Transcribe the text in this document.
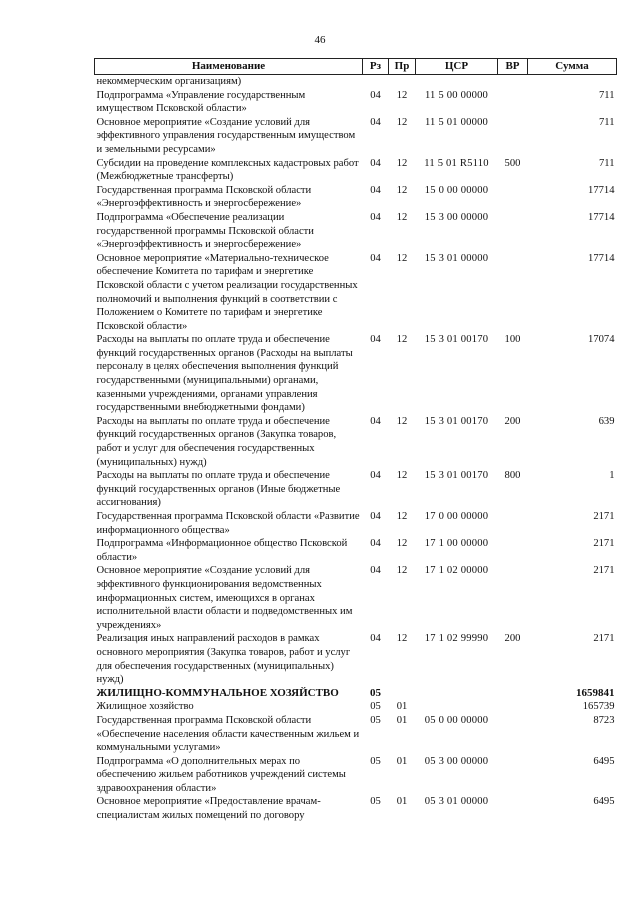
46
Наименование	Рз	Пр	ЦСР	ВР	Сумма
некоммерческим организациям)					
Подпрограмма «Управление государственным имуществом Псковской области»	04	12	11 5 00 00000		711
Основное мероприятие «Создание условий для эффективного управления государственным имуществом и земельными ресурсами»	04	12	11 5 01 00000		711
Субсидии на проведение комплексных кадастровых работ (Межбюджетные трансферты)	04	12	11 5 01 R5110	500	711
Государственная программа Псковской области «Энергоэффективность и энергосбережение»	04	12	15 0 00 00000		17714
Подпрограмма «Обеспечение реализации государственной программы Псковской области «Энергоэффективность и энергосбережение»	04	12	15 3 00 00000		17714
Основное мероприятие «Материально-техническое обеспечение Комитета по тарифам и энергетике Псковской области с учетом реализации государственных полномочий и выполнения функций в соответствии с Положением о Комитете по тарифам и энергетике Псковской области»	04	12	15 3 01 00000		17714
Расходы на выплаты по оплате труда и обеспечение функций государственных органов (Расходы на выплаты персоналу в целях обеспечения выполнения функций государственными (муниципальными) органами, казенными учреждениями, органами управления государственными внебюджетными фондами)	04	12	15 3 01 00170	100	17074
Расходы на выплаты по оплате труда и обеспечение функций государственных органов (Закупка товаров, работ и услуг для обеспечения государственных (муниципальных) нужд)	04	12	15 3 01 00170	200	639
Расходы на выплаты по оплате труда и обеспечение функций государственных органов (Иные бюджетные ассигнования)	04	12	15 3 01 00170	800	1
Государственная программа Псковской области «Развитие информационного общества»	04	12	17 0 00 00000		2171
Подпрограмма «Информационное общество Псковской области»	04	12	17 1 00 00000		2171
Основное мероприятие «Создание условий для эффективного функционирования ведомственных информационных систем, имеющихся в органах исполнительной власти области и подведомственных им учреждениях»	04	12	17 1 02 00000		2171
Реализация иных направлений расходов в рамках основного мероприятия (Закупка товаров, работ и услуг для обеспечения государственных (муниципальных) нужд)	04	12	17 1 02 99990	200	2171
ЖИЛИЩНО-КОММУНАЛЬНОЕ ХОЗЯЙСТВО	05				1659841
Жилищное хозяйство	05	01			165739
Государственная программа Псковской области «Обеспечение населения области качественным жильем и коммунальными услугами»	05	01	05 0 00 00000		8723
Подпрограмма «О дополнительных мерах по обеспечению жильем работников учреждений системы здравоохранения области»	05	01	05 3 00 00000		6495
Основное мероприятие «Предоставление врачам-специалистам жилых помещений по договору	05	01	05 3 01 00000		6495
